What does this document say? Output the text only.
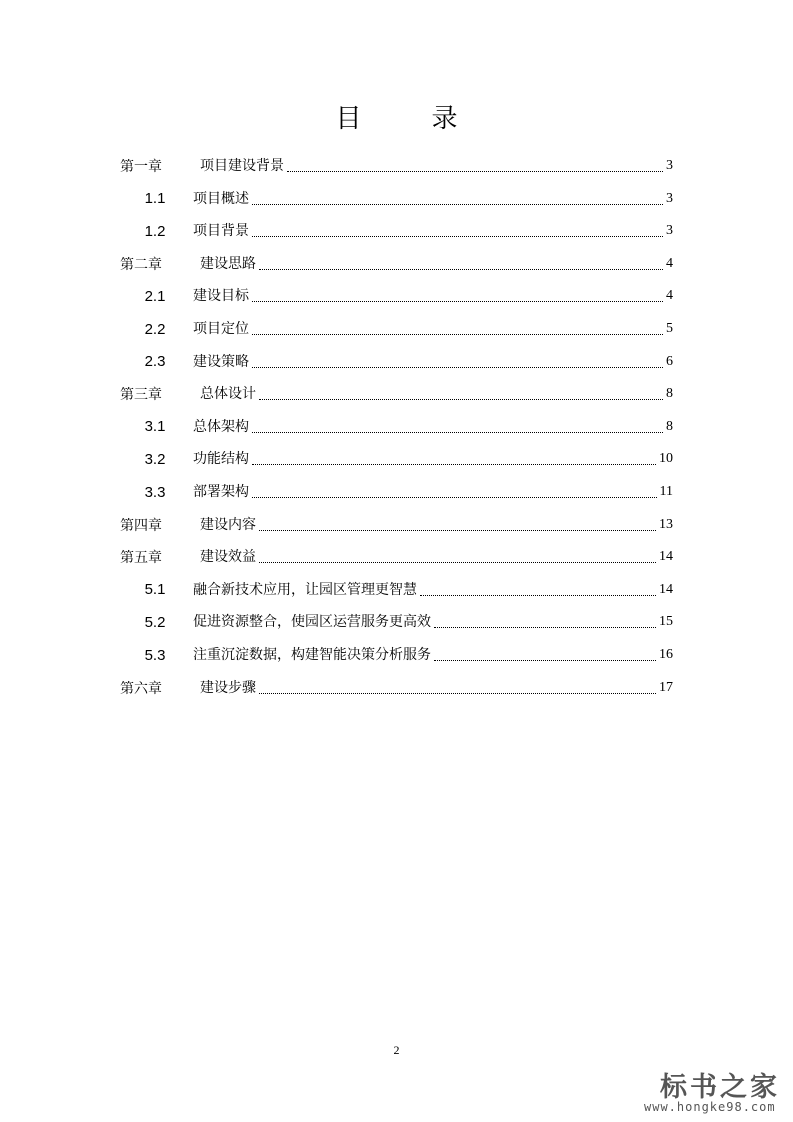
目	录
第一章	项目建设背景	3
1.1	项目概述	3
1.2	项目背景	3
第二章	建设思路	4
2.1	建设目标	4
2.2	项目定位	5
2.3	建设策略	6
第三章	总体设计	8
3.1	总体架构	8
3.2	功能结构	10
3.3	部署架构	11
第四章	建设内容	13
第五章	建设效益	14
5.1	融合新技术应用，让园区管理更智慧	14
5.2	促进资源整合，使园区运营服务更高效	15
5.3	注重沉淀数据，构建智能决策分析服务	16
第六章	建设步骤	17
2
标书之家
www.hongke98.com
